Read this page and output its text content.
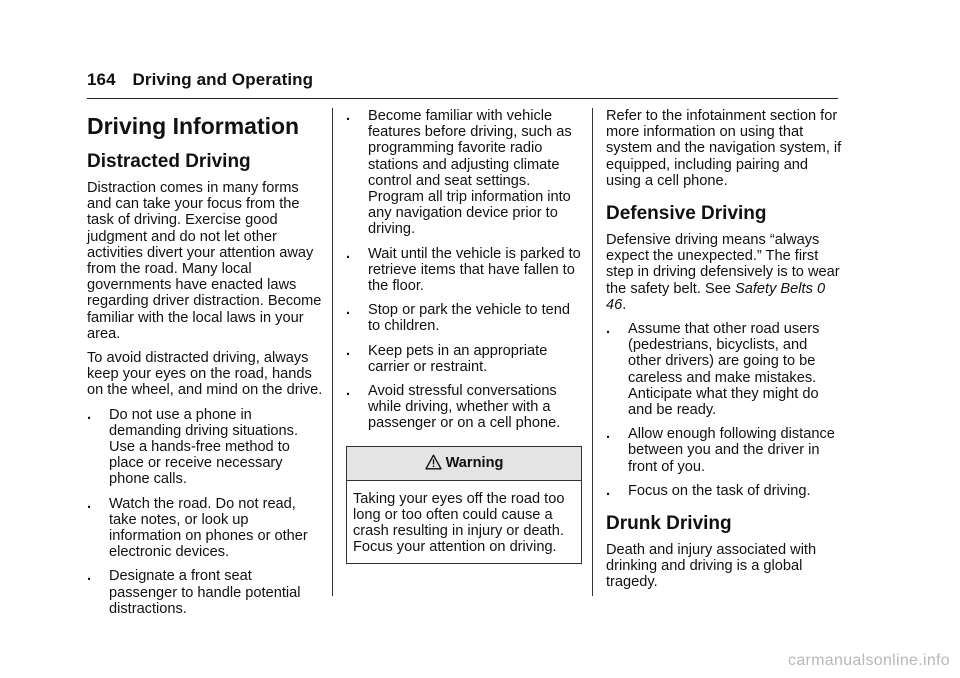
164 Driving and Operating
Driving Information
Distracted Driving

Distraction comes in many forms and can take your focus from the task of driving. Exercise good judgment and do not let other activities divert your attention away from the road. Many local governments have enacted laws regarding driver distraction. Become familiar with the local laws in your area.

To avoid distracted driving, always keep your eyes on the road, hands on the wheel, and mind on the drive.

. Do not use a phone in demanding driving situations. Use a hands-free method to place or receive necessary phone calls.
. Watch the road. Do not read, take notes, or look up information on phones or other electronic devices.
. Designate a front seat passenger to handle potential distractions.
. Become familiar with vehicle features before driving, such as programming favorite radio stations and adjusting climate control and seat settings. Program all trip information into any navigation device prior to driving.
. Wait until the vehicle is parked to retrieve items that have fallen to the floor.
. Stop or park the vehicle to tend to children.
. Keep pets in an appropriate carrier or restraint.
. Avoid stressful conversations while driving, whether with a passenger or on a cell phone.
Warning
Taking your eyes off the road too long or too often could cause a crash resulting in injury or death. Focus your attention on driving.

Refer to the infotainment section for more information on using that system and the navigation system, if equipped, including pairing and using a cell phone.

Defensive Driving

Defensive driving means “always expect the unexpected.” The first step in driving defensively is to wear the safety belt. See Safety Belts 0 46.

. Assume that other road users (pedestrians, bicyclists, and other drivers) are going to be careless and make mistakes. Anticipate what they might do and be ready.
. Allow enough following distance between you and the driver in front of you.
. Focus on the task of driving.
Drunk Driving

Death and injury associated with drinking and driving is a global tragedy.

carmanualsonline.info
